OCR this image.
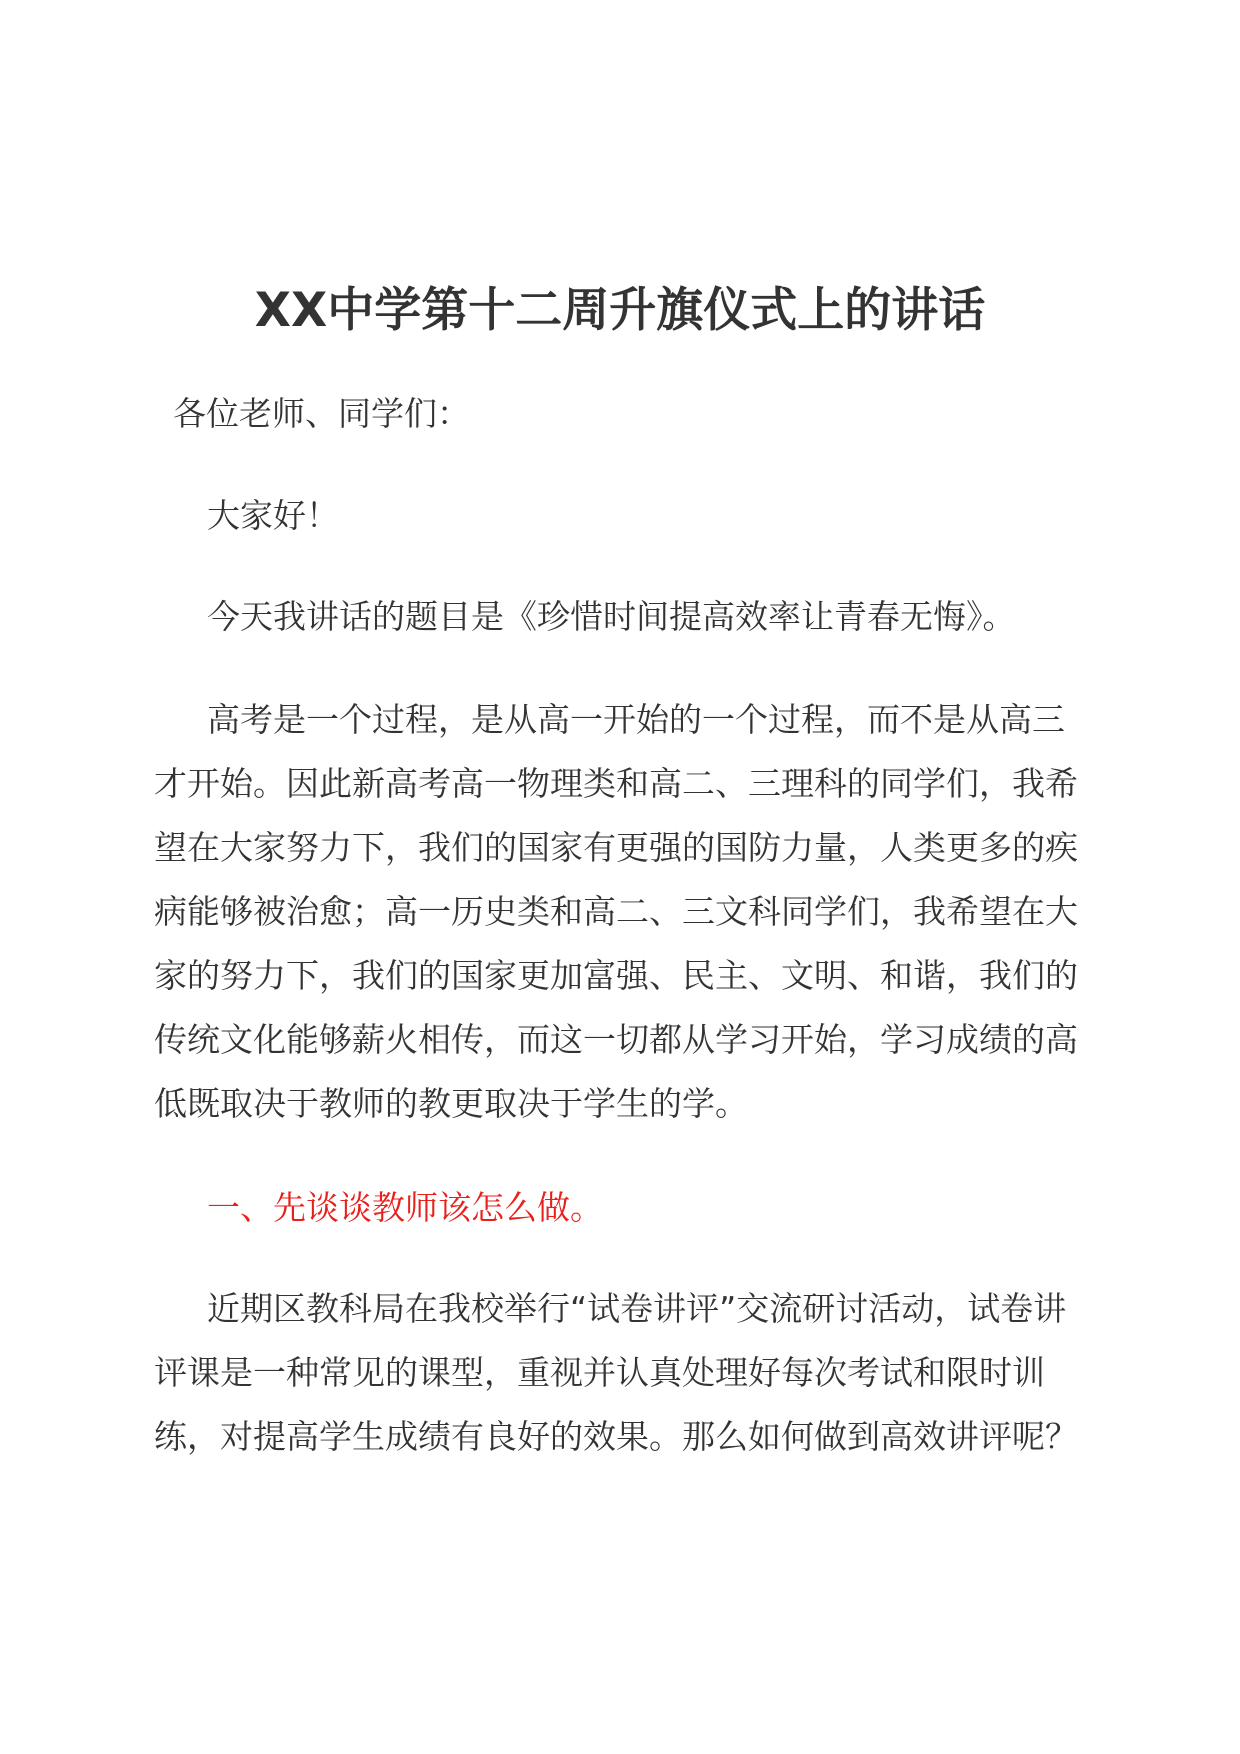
XX中学第十二周升旗仪式上的讲话

各位老师、同学们：

大家好！

今天我讲话的题目是《珍惜时间提高效率让青春无悔》。

高考是一个过程，是从高一开始的一个过程，而不是从高三才开始。因此新高考高一物理类和高二、三理科的同学们，我希望在大家努力下，我们的国家有更强的国防力量，人类更多的疾病能够被治愈；高一历史类和高二、三文科同学们，我希望在大家的努力下，我们的国家更加富强、民主、文明、和谐，我们的传统文化能够薪火相传，而这一切都从学习开始，学习成绩的高低既取决于教师的教更取决于学生的学。

一、先谈谈教师该怎么做。

近期区教科局在我校举行“试卷讲评”交流研讨活动，试卷讲评课是一种常见的课型，重视并认真处理好每次考试和限时训练，对提高学生成绩有良好的效果。那么如何做到高效讲评呢？
